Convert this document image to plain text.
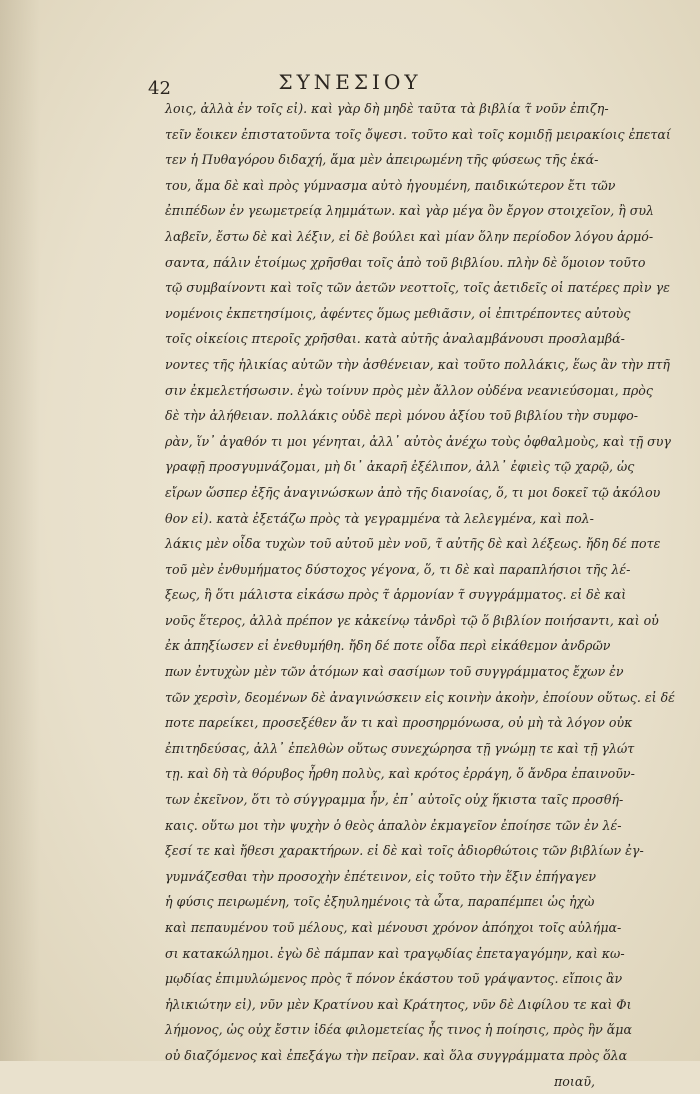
42	ΣΥΝΕΣΙΟΥ
λοις, ἀλλὰ ἐν τοῖς εἰ). καὶ γὰρ δὴ μηδὲ ταῦτα τὰ βιβλία τ̃ νοῦν ἐπιζη-
τεῖν ἔοικεν ἐπιστατοῦντα τοῖς ὄψεσι. τοῦτο καὶ τοῖς κομιδῇ μειρακίοις ἐπεταί
τεν ἡ Πυθαγόρου διδαχή, ἅμα μὲν ἀπειρωμένη τῆς φύσεως τῆς ἑκά-
του, ἅμα δὲ καὶ πρὸς γύμνασμα αὐτὸ ἡγουμένη, παιδικώτερον ἔτι τῶν
ἐπιπέδων ἐν γεωμετρείᾳ λημμάτων. καὶ γὰρ μέγα ὂν ἔργον στοιχεῖον, ἢ συλ
λαβεῖν, ἔστω δὲ καὶ λέξιν, εἰ δὲ βούλει καὶ μίαν ὅλην περίοδον λόγου ἁρμό-
σαντα, πάλιν ἑτοίμως χρῆσθαι τοῖς ἀπὸ τοῦ βιβλίου. πλὴν δὲ ὅμοιον τοῦτο
τῷ συμβαίνοντι καὶ τοῖς τῶν ἀετῶν νεοττοῖς, τοῖς ἀετιδεῖς οἱ πατέρες πρὶν γε
νομένοις ἐκπετησίμοις, ἀφέντες ὅμως μεθιᾶσιν, οἱ ἐπιτρέποντες αὐτοὺς
τοῖς οἰκείοις πτεροῖς χρῆσθαι. κατὰ αὐτῆς ἀναλαμβάνουσι προσλαμβά-
νοντες τῆς ἡλικίας αὐτῶν τὴν ἀσθένειαν, καὶ τοῦτο πολλάκις, ἕως ἂν τὴν πτῆ
σιν ἐκμελετήσωσιν. ἐγὼ τοίνυν πρὸς μὲν ἄλλον οὐδένα νεανιεύσομαι, πρὸς
δὲ τὴν ἀλήθειαν. πολλάκις οὐδὲ περὶ μόνου ἀξίου τοῦ βιβλίου τὴν συμφο-
ρὰν, ἵν᾿ ἀγαθόν τι μοι γένηται, ἀλλ᾿ αὐτὸς ἀνέχω τοὺς ὀφθαλμοὺς, καὶ τῇ συγ
γραφῇ προσγυμνάζομαι, μὴ δι᾿ ἀκαρῆ ἐξέλιπον, ἀλλ᾿ ἐφιεὶς τῷ χαρῷ, ὡς
εἴρων ὥσπερ ἐξῆς ἀναγινώσκων ἀπὸ τῆς διανοίας, ὅ, τι μοι δοκεῖ τῷ ἀκόλου
θον εἰ). κατὰ ἐξετάζω πρὸς τὰ γεγραμμένα τὰ λελεγμένα, καὶ πολ-
λάκις μὲν οἶδα τυχὼν τοῦ αὐτοῦ μὲν νοῦ, τ̃ αὐτῆς δὲ καὶ λέξεως. ἤδη δέ ποτε
τοῦ μὲν ἐνθυμήματος δύστοχος γέγονα, ὅ, τι δὲ καὶ παραπλήσιοι τῆς λέ-
ξεως, ἢ ὅτι μάλιστα εἰκάσω πρὸς τ̃ ἁρμονίαν τ̃ συγγράμματος. εἰ δὲ καὶ
νοῦς ἕτερος, ἀλλὰ πρέπον γε κἀκείνῳ τἀνδρὶ τῷ ὅ βιβλίον ποιήσαντι, καὶ οὐ
ἐκ ἀπηξίωσεν εἰ ἐνεθυμήθη. ἤδη δέ ποτε οἶδα περὶ εἰκάθεμον ἀνδρῶν
πων ἐντυχὼν μὲν τῶν ἀτόμων καὶ σασίμων τοῦ συγγράμματος ἔχων ἐν
τῶν χερσὶν, δεομένων δὲ ἀναγινώσκειν εἰς κοινὴν ἀκοὴν, ἐποίουν οὕτως. εἰ δέ
ποτε παρείκει, προσεξέθεν ἄν τι καὶ προσηρμόνωσα, οὐ μὴ τὰ λόγον οὐκ
ἐπιτηδεύσας, ἀλλ᾿ ἐπελθὼν οὕτως συνεχώρησα τῇ γνώμῃ τε καὶ τῇ γλώτ
τῃ. καὶ δὴ τὰ θόρυβος ἦρθη πολὺς, καὶ κρότος ἐρράγη, ὅ ἄνδρα ἐπαινοῦν-
των ἐκεῖνον, ὅτι τὸ σύγγραμμα ἦν, ἐπ᾿ αὐτοῖς οὐχ ἥκιστα ταῖς προσθή-
καις. οὕτω μοι τὴν ψυχὴν ὁ θεὸς ἁπαλὸν ἐκμαγεῖον ἐποίησε τῶν ἐν λέ-
ξεσί τε καὶ ἤθεσι χαρακτήρων. εἰ δὲ καὶ τοῖς ἀδιορθώτοις τῶν βιβλίων ἐγ-
γυμνάζεσθαι τὴν προσοχὴν ἐπέτεινον, εἰς τοῦτο τὴν ἕξιν ἐπήγαγεν
ἡ φύσις πειρωμένη, τοῖς ἐξηυλημένοις τὰ ὦτα, παραπέμπει ὡς ἠχὼ
καὶ πεπαυμένου τοῦ μέλους, καὶ μένουσι χρόνον ἀπόηχοι τοῖς αὐλήμα-
σι κατακώλημοι. ἐγὼ δὲ πάμπαν καὶ τραγῳδίας ἐπεταγαγόμην, καὶ κω-
μῳδίας ἐπιμυλώμενος πρὸς τ̃ πόνον ἑκάστου τοῦ γράψαντος. εἴποις ἂν
ἡλικιώτην εἰ), νῦν μὲν Κρατίνου καὶ Κράτητος, νῦν δὲ Διφίλου τε καὶ Φι
λήμονος, ὡς οὐχ ἔστιν ἰδέα φιλομετείας ἧς τινος ἡ ποίησις, πρὸς ἣν ἅμα
οὐ διαζόμενος καὶ ἐπεξάγω τὴν πεῖραν. καὶ ὅλα συγγράμματα πρὸς ὅλα
ποιαῦ,
